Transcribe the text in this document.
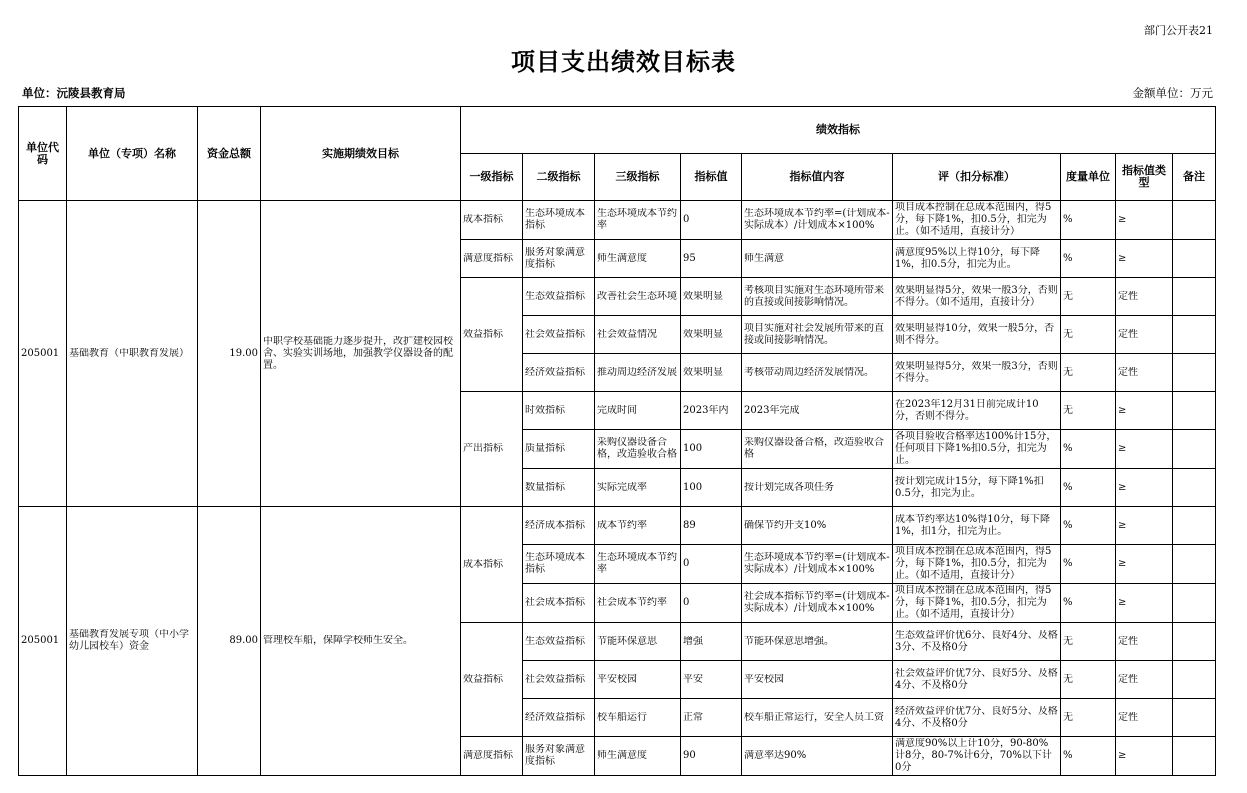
部门公开表21
项目支出绩效目标表
单位：沅陵县教育局	金额单位：万元
单位代码	单位（专项）名称	资金总额	实施期绩效目标	绩效指标								
				一级指标	二级指标	三级指标	指标值	指标值内容	评（扣分标准）	度量单位	指标值类型	备注

205001	基础教育（中职教育发展）	19.00	中职学校基础能力逐步提升，改扩建校园校舍、实验实训场地，加强教学仪器设备的配置。	成本指标	生态环境成本指标	生态环境成本节约率	0	生态环境成本节约率=(计划成本-实际成本）/计划成本×100%	项目成本控制在总成本范围内，得5分，每下降1%，扣0.5分，扣完为止。（如不适用，直接计分）	%	≥	

				满意度指标	服务对象满意度指标	师生满意度	95	师生满意	满意度95%以上得10分，每下降1%，扣0.5分，扣完为止。	%	≥	

				效益指标	生态效益指标	改善社会生态环境	效果明显	考核项目实施对生态环境所带来的直接或间接影响情况。	效果明显得5分，效果一般3分，否则不得分。（如不适用，直接计分）	无	定性	

					社会效益指标	社会效益情况	效果明显	项目实施对社会发展所带来的直接或间接影响情况。	效果明显得10分，效果一般5分，否则不得分。	无	定性	

					经济效益指标	推动周边经济发展	效果明显	考核带动周边经济发展情况。	效果明显得5分，效果一般3分，否则不得分。	无	定性	

				产出指标	时效指标	完成时间	2023年内	2023年完成	在2023年12月31日前完成计10分，否则不得分。	无	≥	

					质量指标	采购仪器设备合格，改造验收合格	100	采购仪器设备合格，改造验收合格	各项目验收合格率达100%计15分，任何项目下降1%扣0.5分，扣完为止。	%	≥	

					数量指标	实际完成率	100	按计划完成各项任务	按计划完成计15分，每下降1%扣0.5分，扣完为止。	%	≥	

205001	基础教育发展专项（中小学幼儿园校车）资金	89.00	管理校车船，保障学校师生安全。	成本指标	经济成本指标	成本节约率	89	确保节约开支10%	成本节约率达10%得10分，每下降1%，扣1分，扣完为止。	%	≥	

					生态环境成本指标	生态环境成本节约率	0	生态环境成本节约率=(计划成本-实际成本）/计划成本×100%	项目成本控制在总成本范围内，得5分，每下降1%，扣0.5分，扣完为止。（如不适用，直接计分）	%	≥	

					社会成本指标	社会成本节约率	0	社会成本指标节约率=(计划成本-实际成本）/计划成本×100%	项目成本控制在总成本范围内，得5分，每下降1%，扣0.5分，扣完为止。（如不适用，直接计分）	%	≥	

				效益指标	生态效益指标	节能环保意思	增强	节能环保意思增强。	生态效益评价优6分、良好4分、及格3分、不及格0分	无	定性	

					社会效益指标	平安校园	平安	平安校园	社会效益评价优7分、良好5分、及格4分、不及格0分	无	定性	

					经济效益指标	校车船运行	正常	校车船正常运行，安全人员工资	经济效益评价优7分、良好5分、及格4分、不及格0分	无	定性	

				满意度指标	服务对象满意度指标	师生满意度	90	满意率达90%	满意度90%以上计10分，90-80%计8分，80-7%计6分，70%以下计0分	%	≥	
